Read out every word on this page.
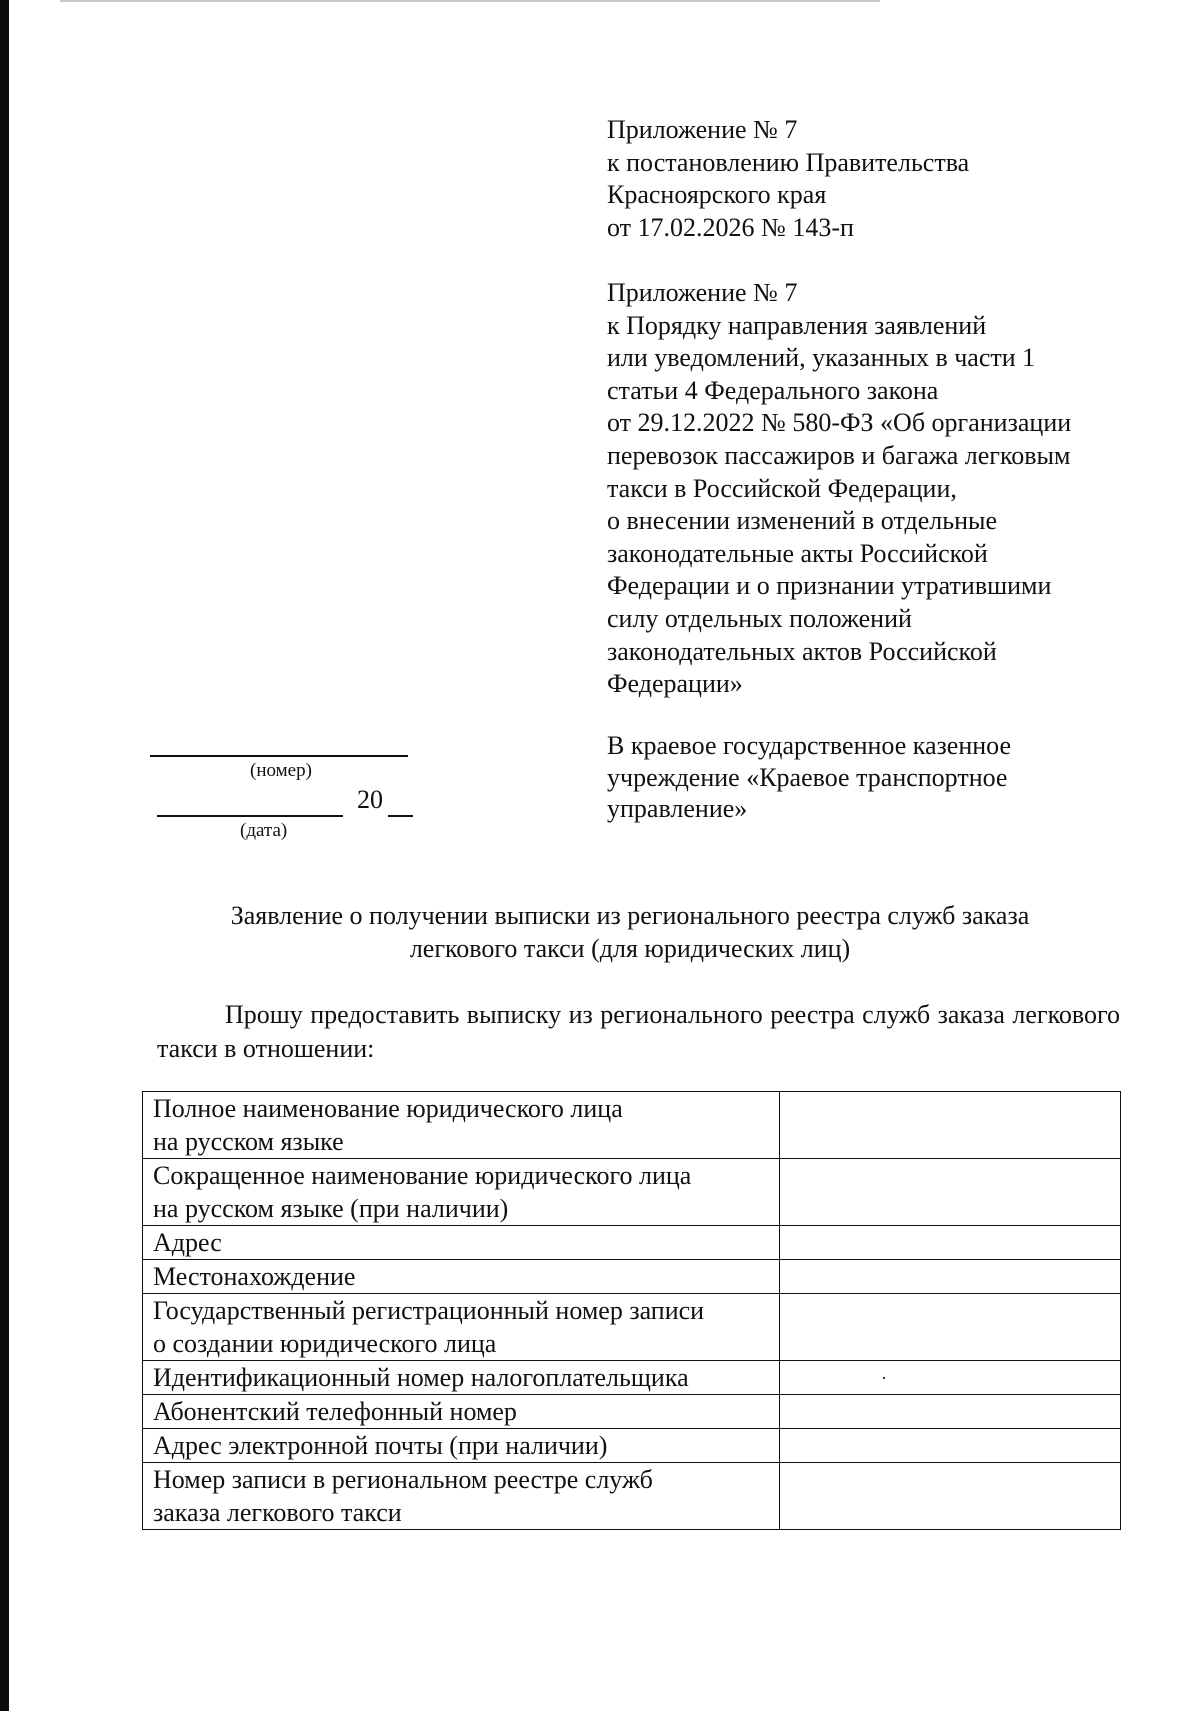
Приложение № 7
к постановлению Правительства
Красноярского края
от 17.02.2026 № 143-п
Приложение № 7
к Порядку направления заявлений
или уведомлений, указанных в части 1
статьи 4 Федерального закона
от 29.12.2022 № 580-ФЗ «Об организации
перевозок пассажиров и багажа легковым
такси в Российской Федерации,
о внесении изменений в отдельные
законодательные акты Российской
Федерации и о признании утратившими
силу отдельных положений
законодательных актов Российской
Федерации»
В краевое государственное казенное
учреждение «Краевое транспортное
управление»
(номер)
20
(дата)
Заявление о получении выписки из регионального реестра служб заказа
легкового такси (для юридических лиц)
Прошу предоставить выписку из регионального реестра служб заказа легкового такси в отношении:
Полное наименование юридического лица
на русском языке	

Сокращенное наименование юридического лица
на русском языке (при наличии)	

Адрес	

Местонахождение	

Государственный регистрационный номер записи
о создании юридического лица	

Идентификационный номер налогоплательщика	

Абонентский телефонный номер	

Адрес электронной почты (при наличии)	

Номер записи в региональном реестре служб
заказа легкового такси	
